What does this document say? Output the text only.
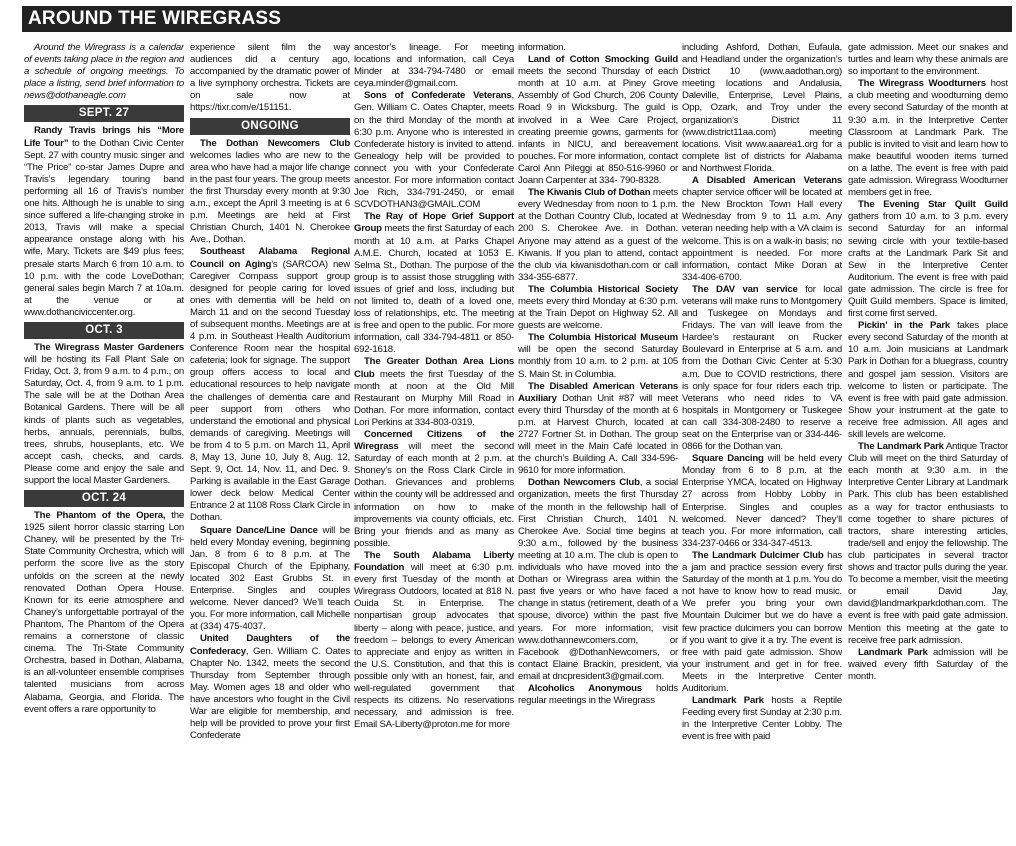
AROUND THE WIREGRASS

Around the Wiregrass is a calendar of events taking place in the region and a schedule of ongoing meetings. To place a listing, send brief information to news@dothaneagle.com

SEPT. 27

Randy Travis brings his “More Life Tour” to the Dothan Civic Center Sept. 27 with country music singer and “The Price” co-star James Dupre and Travis’s legendary touring band performing all 16 of Travis’s number one hits. Although he is unable to sing since suffered a life-changing stroke in 2013, Travis will make a special appearance onstage along with his wife, Mary. Tickets are $49 plus fees; presale starts March 6 from 10 a.m. to 10 p.m. with the code LoveDothan; general sales begin March 7 at 10a.m. at the venue or at www.dothanciviccenter.org.

OCT. 3

The Wiregrass Master Gardeners will be hosting its Fall Plant Sale on Friday, Oct. 3, from 9 a.m. to 4 p.m., on Saturday, Oct. 4, from 9 a.m. to 1 p.m. The sale will be at the Dothan Area Botanical Gardens. There will be all kinds of plants such as vegetables, herbs, annuals, perennials, bulbs, trees, shrubs, houseplants, etc. We accept cash, checks, and cards. Please come and enjoy the sale and support the local Master Gardeners.

OCT. 24

The Phantom of the Opera, the 1925 silent horror classic starring Lon Chaney, will be presented by the Tri-State Community Orchestra, which will perform the score live as the story unfolds on the screen at the newly renovated Dothan Opera House. Known for its eerie atmosphere and Chaney’s unforgettable portrayal of the Phantom, The Phantom of the Opera remains a cornerstone of classic cinema. The Tri-State Community Orchestra, based in Dothan, Alabama, is an all-volunteer ensemble comprises talented musicians from across Alabama, Georgia, and Florida. The event offers a rare opportunity to

experience silent film the way audiences did a century ago, accompanied by the dramatic power of a live symphony orchestra. Tickets are on sale now at https://tixr.com/e/151151.

ONGOING

The Dothan Newcomers Club welcomes ladies who are new to the area who have had a major life change in the past four years. The group meets the first Thursday every month at 9:30 a.m., except the April 3 meeting is at 6 p.m. Meetings are held at First Christian Church, 1401 N. Cherokee Ave., Dothan.

Southeast Alabama Regional Council on Aging’s (SARCOA) new Caregiver Compass support group designed for people caring for loved ones with dementia will be held on March 11 and on the second Tuesday of subsequent months. Meetings are at 4 p.m. in Southeast Health Auditorium Conference Room near the hospital cafeteria; look for signage. The support group offers access to local and educational resources to help navigate the challenges of dementia care and peer support from others who understand the emotional and physical demands of caregiving. Meetings will be from 4 to 5 p.m. on March 11, April 8, May 13, June 10, July 8, Aug. 12, Sept. 9, Oct. 14, Nov. 11, and Dec. 9. Parking is available in the East Garage lower deck below Medical Center Entrance 2 at 1108 Ross Clark Circle in Dothan.

Square Dance/Line Dance will be held every Monday evening, beginning Jan. 8 from 6 to 8 p.m. at The Episcopal Church of the Epiphany, located 302 East Grubbs St. in Enterprise. Singles and couples welcome. Never danced? We’ll teach you. For more information, call Michelle at (334) 475-4037.

United Daughters of the Confederacy, Gen. William C. Oates Chapter No. 1342, meets the second Thursday from September through May. Women ages 18 and older who have ancestors who fought in the Civil War are eligible for membership, and help will be provided to prove your first Confederate

ancestor’s lineage. For meeting locations and information, call Ceya Minder at 334-794-7480 or email ceya.minder@gmail.com.

Sons of Confederate Veterans, Gen. William C. Oates Chapter, meets on the third Monday of the month at 6:30 p.m. Anyone who is interested in Confederate history is invited to attend. Genealogy help will be provided to connect you with your Confederate ancestor. For more information contact Joe Rich, 334-791-2450, or email SCVDOTHAN3@GMAIL.COM

The Ray of Hope Grief Support Group meets the first Saturday of each month at 10 a.m. at Parks Chapel A.M.E. Church, located at 1053 E. Selma St., Dothan. The purpose of the group is to assist those struggling with issues of grief and loss, including but not limited to, death of a loved one, loss of relationships, etc. The meeting is free and open to the public. For more information, call 334-794-4811 or 850-692-1618.

The Greater Dothan Area Lions Club meets the first Tuesday of the month at noon at the Old Mill Restaurant on Murphy Mill Road in Dothan. For more information, contact Lori Perkins at 334-803-0319.

Concerned Citizens of the Wiregrass will meet the second Saturday of each month at 2 p.m. at Shoney’s on the Ross Clark Circle in Dothan. Grievances and problems within the county will be addressed and information on how to make improvements via county officials, etc. Bring your friends and as many as possible.

The South Alabama Liberty Foundation will meet at 6:30 p.m. every first Tuesday of the month at Wiregrass Outdoors, located at 818 N. Ouida St. in Enterprise. The nonpartisan group advocates that liberty – along with peace, justice, and freedom – belongs to every American to appreciate and enjoy as written in the U.S. Constitution, and that this is possible only with an honest, fair, and well-regulated government that respects its citizens. No reservations necessary, and admission is free. Email SA-Liberty@proton.me for more

information.

Land of Cotton Smocking Guild meets the second Thursday of each month at 10 a.m. at Piney Grove Assembly of God Church, 206 County Road 9 in Wicksburg. The guild is involved in a Wee Care Project, creating preemie gowns, garments for infants in NICU, and bereavement pouches. For more information, contact Carol Ann Pileggi at 850-516-9960 or Joann Carpenter at 334- 790-8328.

The Kiwanis Club of Dothan meets every Wednesday from noon to 1 p.m. at the Dothan Country Club, located at 200 S. Cherokee Ave. in Dothan. Anyone may attend as a guest of the Kiwanis. If you plan to attend, contact the club via kiwanisdothan.com or call 334-355-6877.

The Columbia Historical Society meets every third Monday at 6:30 p.m. at the Train Depot on Highway 52. All guests are welcome.

The Columbia Historical Museum will be open the second Saturday monthly from 10 a.m. to 2 p.m. at 105 S. Main St. in Columbia.

The Disabled American Veterans Auxiliary Dothan Unit #87 will meet every third Thursday of the month at 6 p.m. at Harvest Church, located at 2727 Fortner St. in Dothan. The group will meet in the Main Café located in the church’s Building A. Call 334-596-9610 for more information.

Dothan Newcomers Club, a social organization, meets the first Thursday of the month in the fellowship hall of First Christian Church, 1401 N. Cherokee Ave. Social time begins at 9:30 a.m., followed by the business meeting at 10 a.m. The club is open to individuals who have moved into the Dothan or Wiregrass area within the past five years or who have faced a change in status (retirement, death of a spouse, divorce) within the past five years. For more information, visit www.dothannewcomers.com, or Facebook @DothanNewcomers, or contact Elaine Brackin, president, via email at dncpresident3@gmail.com.

Alcoholics Anonymous holds regular meetings in the Wiregrass

including Ashford, Dothan, Eufaula, and Headland under the organization’s District 10 (www.aadothan.org) meeting locations and Andalusia, Daleville, Enterprise, Level Plains, Opp, Ozark, and Troy under the organization’s District 11 (www.district11aa.com) meeting locations. Visit www.aaarea1.org for a complete list of districts for Alabama and Northwest Florida.

A Disabled American Veterans chapter service officer will be located at the New Brockton Town Hall every Wednesday from 9 to 11 a.m. Any veteran needing help with a VA claim is welcome. This is on a walk-in basis; no appointment is needed. For more information, contact Mike Doran at 334-406-6700.

The DAV van service for local veterans will make runs to Montgomery and Tuskegee on Mondays and Fridays. The van will leave from the Hardee’s restaurant on Rucker Boulevard in Enterprise at 5 a.m. and from the Dothan Civic Center at 5:30 a.m. Due to COVID restrictions, there is only space for four riders each trip. Veterans who need rides to VA hospitals in Montgomery or Tuskegee can call 334-308-2480 to reserve a seat on the Enterprise van or 334-446-0866 for the Dothan van.

Square Dancing will be held every Monday from 6 to 8 p.m. at the Enterprise YMCA, located on Highway 27 across from Hobby Lobby in Enterprise. Singles and couples welcomed. Never danced? They’ll teach you. For more information, call 334-237-0466 or 334-347-4513.

The Landmark Dulcimer Club has a jam and practice session every first Saturday of the month at 1 p.m. You do not have to know how to read music. We prefer you bring your own Mountain Dulcimer but we do have a few practice dulcimers you can borrow if you want to give it a try. The event is free with paid gate admission. Show your instrument and get in for free. Meets in the Interpretive Center Auditorium.

Landmark Park hosts a Reptile Feeding every first Sunday at 2:30 p.m. in the Interpretive Center Lobby. The event is free with paid

gate admission. Meet our snakes and turtles and learn why these animals are so important to the environment.

The Wiregrass Woodturners host a club meeting and woodturning demo every second Saturday of the month at 9:30 a.m. in the Interpretive Center Classroom at Landmark Park. The public is invited to visit and learn how to make beautiful wooden items turned on a lathe. The event is free with paid gate admission. Wiregrass Woodturner members get in free.

The Evening Star Quilt Guild gathers from 10 a.m. to 3 p.m. every second Saturday for an informal sewing circle with your textile-based crafts at the Landmark Park Sit and Sew in the Interpretive Center Auditorium. The event is free with paid gate admission. The circle is free for Quilt Guild members. Space is limited, first come first served.

Pickin’ in the Park takes place every second Saturday of the month at 10 a.m. Join musicians at Landmark Park in Dothan for a bluegrass, country and gospel jam session. Visitors are welcome to listen or participate. The event is free with paid gate admission. Show your instrument at the gate to receive free admission. All ages and skill levels are welcome.

The Landmark Park Antique Tractor Club will meet on the third Saturday of each month at 9:30 a.m. in the Interpretive Center Library at Landmark Park. This club has been established as a way for tractor enthusiasts to come together to share pictures of tractors, share interesting articles, trade/sell and enjoy the fellowship. The club participates in several tractor shows and tractor pulls during the year. To become a member, visit the meeting or email David Jay, david@landmarkparkdothan.com. The event is free with paid gate admission. Mention this meeting at the gate to receive free park admission.

Landmark Park admission will be waived every fifth Saturday of the month.
